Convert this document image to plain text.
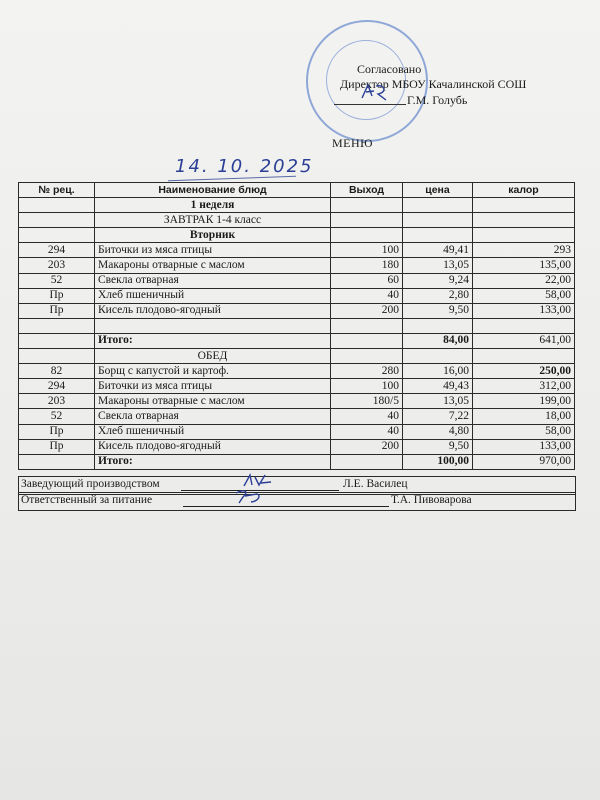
Согласовано
Директор МБОУ Качалинской СОШ
Г.М. Голубь
МЕНЮ
14. 10. 2025
№ рец.	Наименование блюд	Выход	цена	калор
	1 неделя			
	ЗАВТРАК 1-4 класс			
	Вторник			
294	Биточки из мяса птицы	100	49,41	293
203	Макароны отварные с маслом	180	13,05	135,00
52	Свекла отварная	60	9,24	22,00
Пр	Хлеб пшеничный	40	2,80	58,00
Пр	Кисель плодово-ягодный	200	9,50	133,00

	Итого:		84,00	641,00
	ОБЕД			
82	Борщ с капустой и картоф.	280	16,00	250,00
294	Биточки из мяса птицы	100	49,43	312,00
203	Макароны отварные с маслом	180/5	13,05	199,00
52	Свекла отварная	40	7,22	18,00
Пр	Хлеб пшеничный	40	4,80	58,00
Пр	Кисель плодово-ягодный	200	9,50	133,00
	Итого:		100,00	970,00
Заведующий производством	Л.Е. Василец
Ответственный за питание	Т.А. Пивоварова
